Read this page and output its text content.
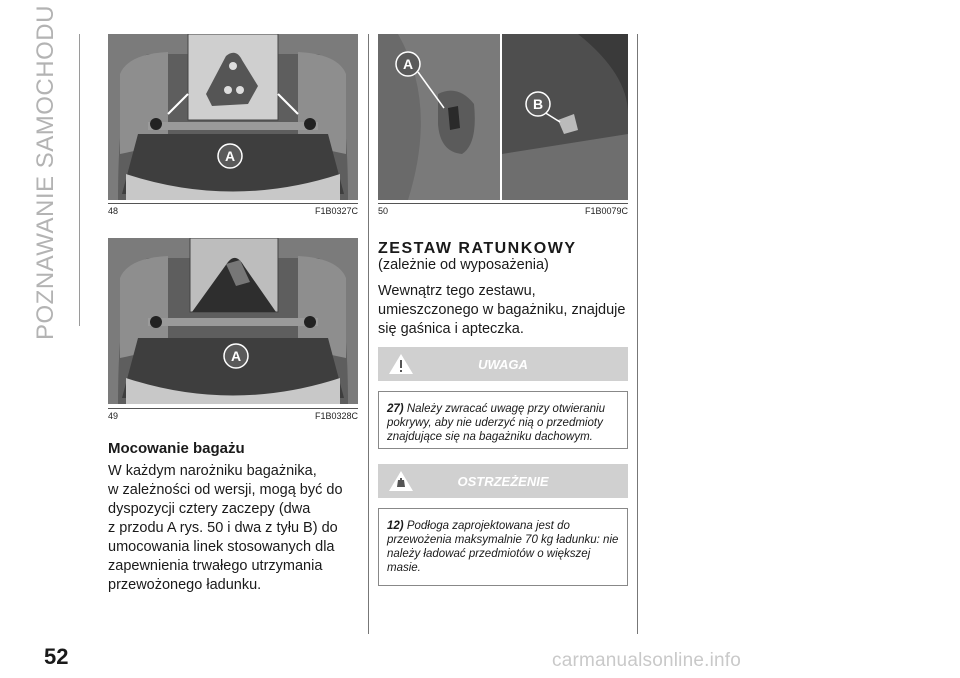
POZNAWANIE SAMOCHODU	A
48	F1B0327C
A
49	F1B0328C
Mocowanie bagażu

W każdym narożniku bagażnika,

w zależności od wersji, mogą być do

dyspozycji cztery zaczepy (dwa

z przodu A rys. 50 i dwa z tyłu B) do

umocowania linek stosowanych dla

zapewnienia trwałego utrzymania

przewożonego ładunku.

A
B
50	F1B0079C
ZESTAW RATUNKOWY
(zależnie od wyposażenia)

Wewnątrz tego zestawu,

umieszczonego w bagażniku, znajduje

się gaśnica i apteczka.

UWAGA
27) Należy zwracać uwagę przy otwieraniu pokrywy, aby nie uderzyć nią o przedmioty znajdujące się na bagażniku dachowym.
OSTRZEŻENIE
12) Podłoga zaprojektowana jest do przewożenia maksymalnie 70 kg ładunku: nie należy ładować przedmiotów o większej masie.
52	carmanualsonline.info
